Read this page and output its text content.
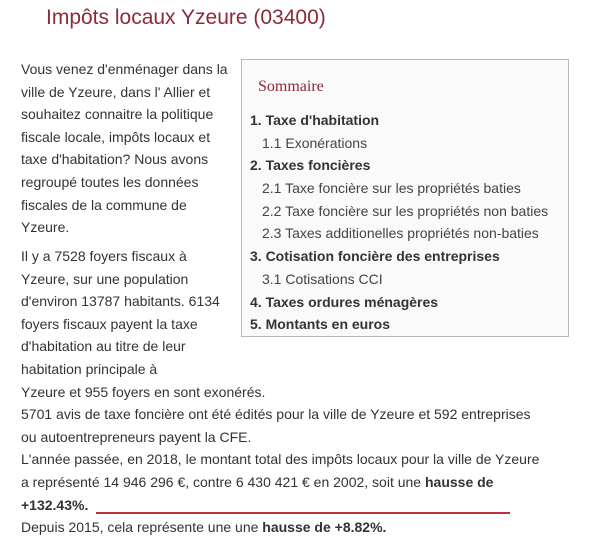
Impôts locaux Yzeure (03400)

Vous venez d'enménager dans la ville de Yzeure, dans l' Allier et souhaitez connaitre la politique fiscale locale, impôts locaux et taxe d'habitation? Nous avons regroupé toutes les données fiscales de la commune de Yzeure.

Sommaire
1. Taxe d'habitation
1.1 Exonérations
2. Taxes foncières
2.1 Taxe foncière sur les propriétés baties
2.2 Taxe foncière sur les propriétés non baties
2.3 Taxes additionelles propriétés non-baties
3. Cotisation foncière des entreprises
3.1 Cotisations CCI
4. Taxes ordures ménagères
5. Montants en euros
Il y a 7528 foyers fiscaux à Yzeure, sur une population d'environ 13787 habitants. 6134 foyers fiscaux payent la taxe d'habitation au titre de leur habitation principale à
Yzeure et 955 foyers en sont exonérés.
5701 avis de taxe foncière ont été édités pour la ville de Yzeure et 592 entreprises
ou autoentrepreneurs payent la CFE.
L'année passée, en 2018, le montant total des impôts locaux pour la ville de Yzeure
a représenté 14 946 296 €, contre 6 430 421 € en 2002, soit une hausse de
+132.43%.
Depuis 2015, cela représente une une hausse de +8.82%.
